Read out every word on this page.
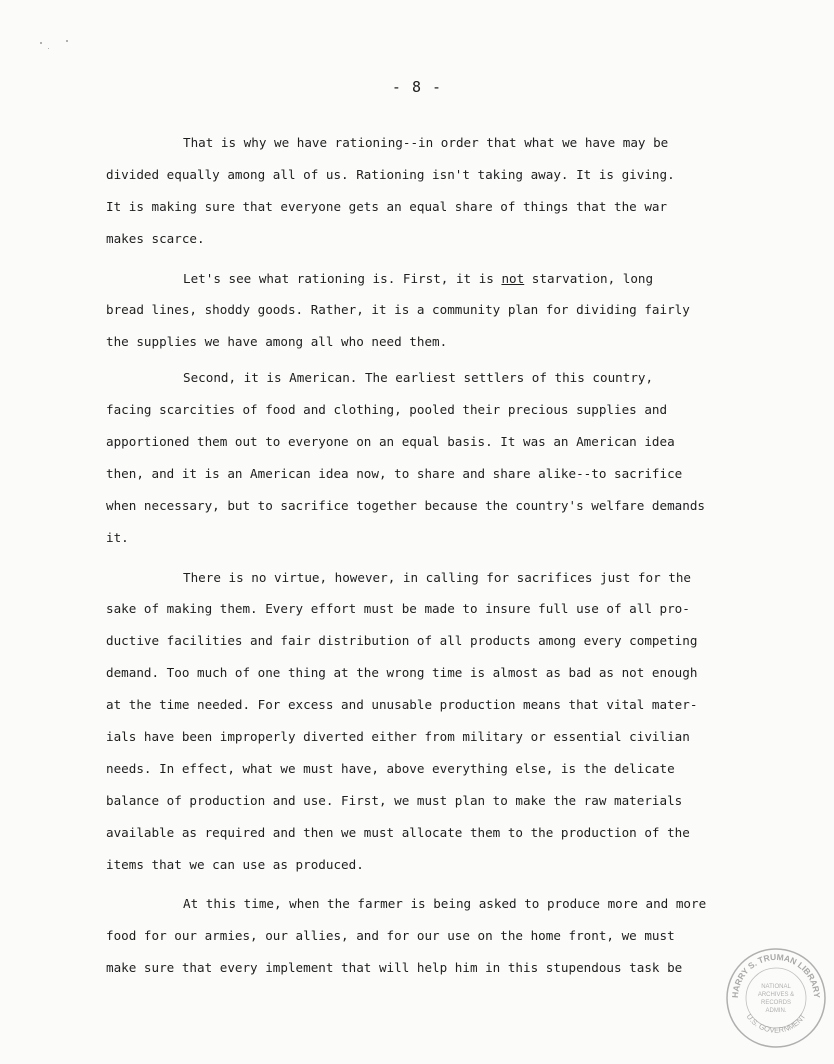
- 8 -
That is why we have rationing--in order that what we have may be
divided equally among all of us. Rationing isn't taking away. It is giving.
It is making sure that everyone gets an equal share of things that the war
makes scarce.
Let's see what rationing is. First, it is not starvation, long
bread lines, shoddy goods. Rather, it is a community plan for dividing fairly
the supplies we have among all who need them.
Second, it is American. The earliest settlers of this country,
facing scarcities of food and clothing, pooled their precious supplies and
apportioned them out to everyone on an equal basis. It was an American idea
then, and it is an American idea now, to share and share alike--to sacrifice
when necessary, but to sacrifice together because the country's welfare demands
it.
There is no virtue, however, in calling for sacrifices just for the
sake of making them. Every effort must be made to insure full use of all pro-
ductive facilities and fair distribution of all products among every competing
demand. Too much of one thing at the wrong time is almost as bad as not enough
at the time needed. For excess and unusable production means that vital mater-
ials have been improperly diverted either from military or essential civilian
needs. In effect, what we must have, above everything else, is the delicate
balance of production and use. First, we must plan to make the raw materials
available as required and then we must allocate them to the production of the
items that we can use as produced.
At this time, when the farmer is being asked to produce more and more
food for our armies, our allies, and for our use on the home front, we must
make sure that every implement that will help him in this stupendous task be
HARRY S. TRUMAN LIBRARY
U.S. GOVERNMENT
NATIONAL
ARCHIVES &
RECORDS
ADMIN.
